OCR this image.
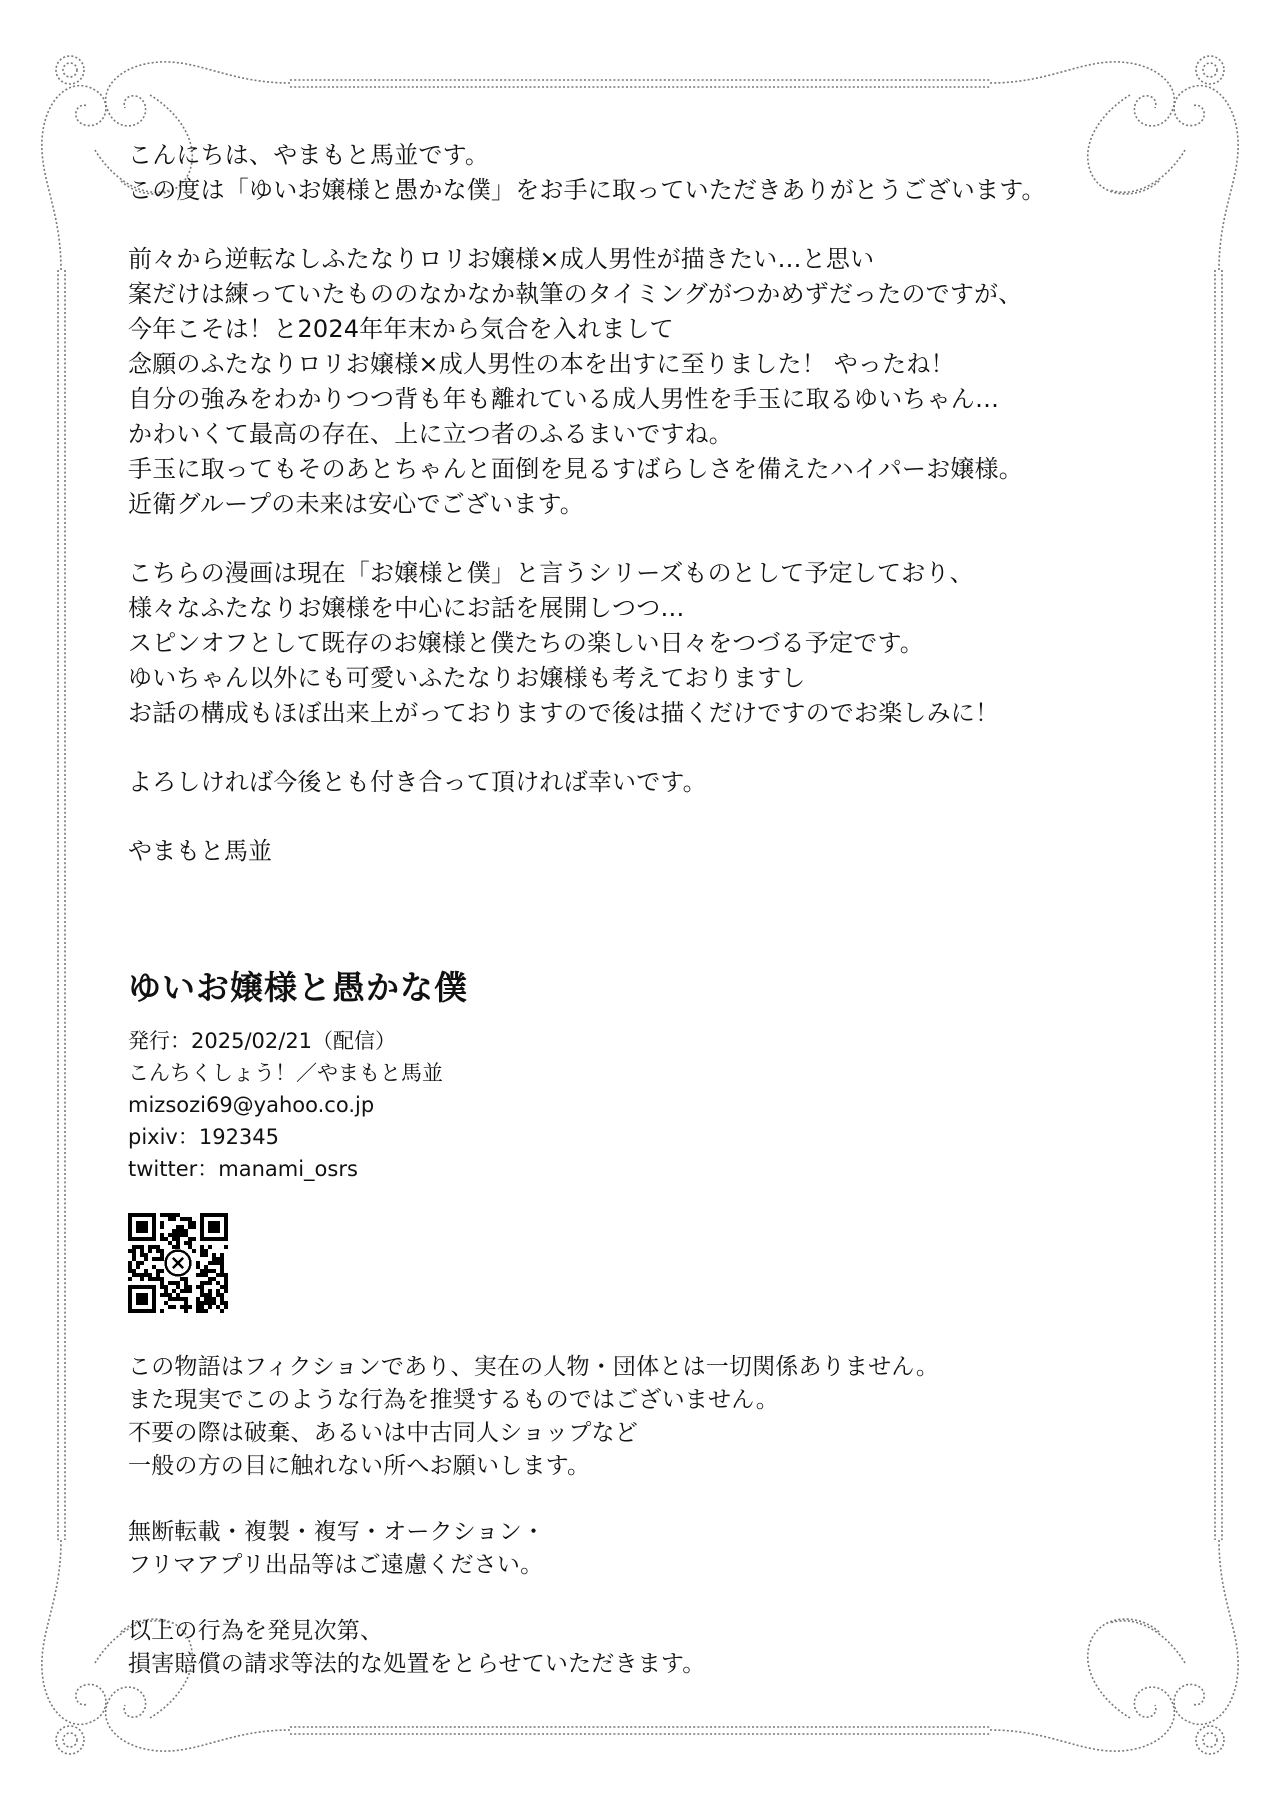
こんにちは、やまもと馬並です。
この度は「ゆいお嬢様と愚かな僕」をお手に取っていただきありがとうございます。
前々から逆転なしふたなりロリお嬢様×成人男性が描きたい…と思い
案だけは練っていたもののなかなか執筆のタイミングがつかめずだったのですが、
今年こそは！と2024年年末から気合を入れまして
念願のふたなりロリお嬢様×成人男性の本を出すに至りました！ やったね！
自分の強みをわかりつつ背も年も離れている成人男性を手玉に取るゆいちゃん…
かわいくて最高の存在、上に立つ者のふるまいですね。
手玉に取ってもそのあとちゃんと面倒を見るすばらしさを備えたハイパーお嬢様。
近衛グループの未来は安心でございます。
こちらの漫画は現在「お嬢様と僕」と言うシリーズものとして予定しており、
様々なふたなりお嬢様を中心にお話を展開しつつ…
スピンオフとして既存のお嬢様と僕たちの楽しい日々をつづる予定です。
ゆいちゃん以外にも可愛いふたなりお嬢様も考えておりますし
お話の構成もほぼ出来上がっておりますので後は描くだけですのでお楽しみに！
よろしければ今後とも付き合って頂ければ幸いです。

やまもと馬並

ゆいお嬢様と愚かな僕
発行：2025/02/21（配信）
こんちくしょう！／やまもと馬並
mizsozi69@yahoo.co.jp
pixiv：192345
twitter：manami_osrs
この物語はフィクションであり、実在の人物・団体とは一切関係ありません。
また現実でこのような行為を推奨するものではございません。
不要の際は破棄、あるいは中古同人ショップなど
一般の方の目に触れない所へお願いします。
無断転載・複製・複写・オークション・
フリマアプリ出品等はご遠慮ください。
以上の行為を発見次第、
損害賠償の請求等法的な処置をとらせていただきます。
